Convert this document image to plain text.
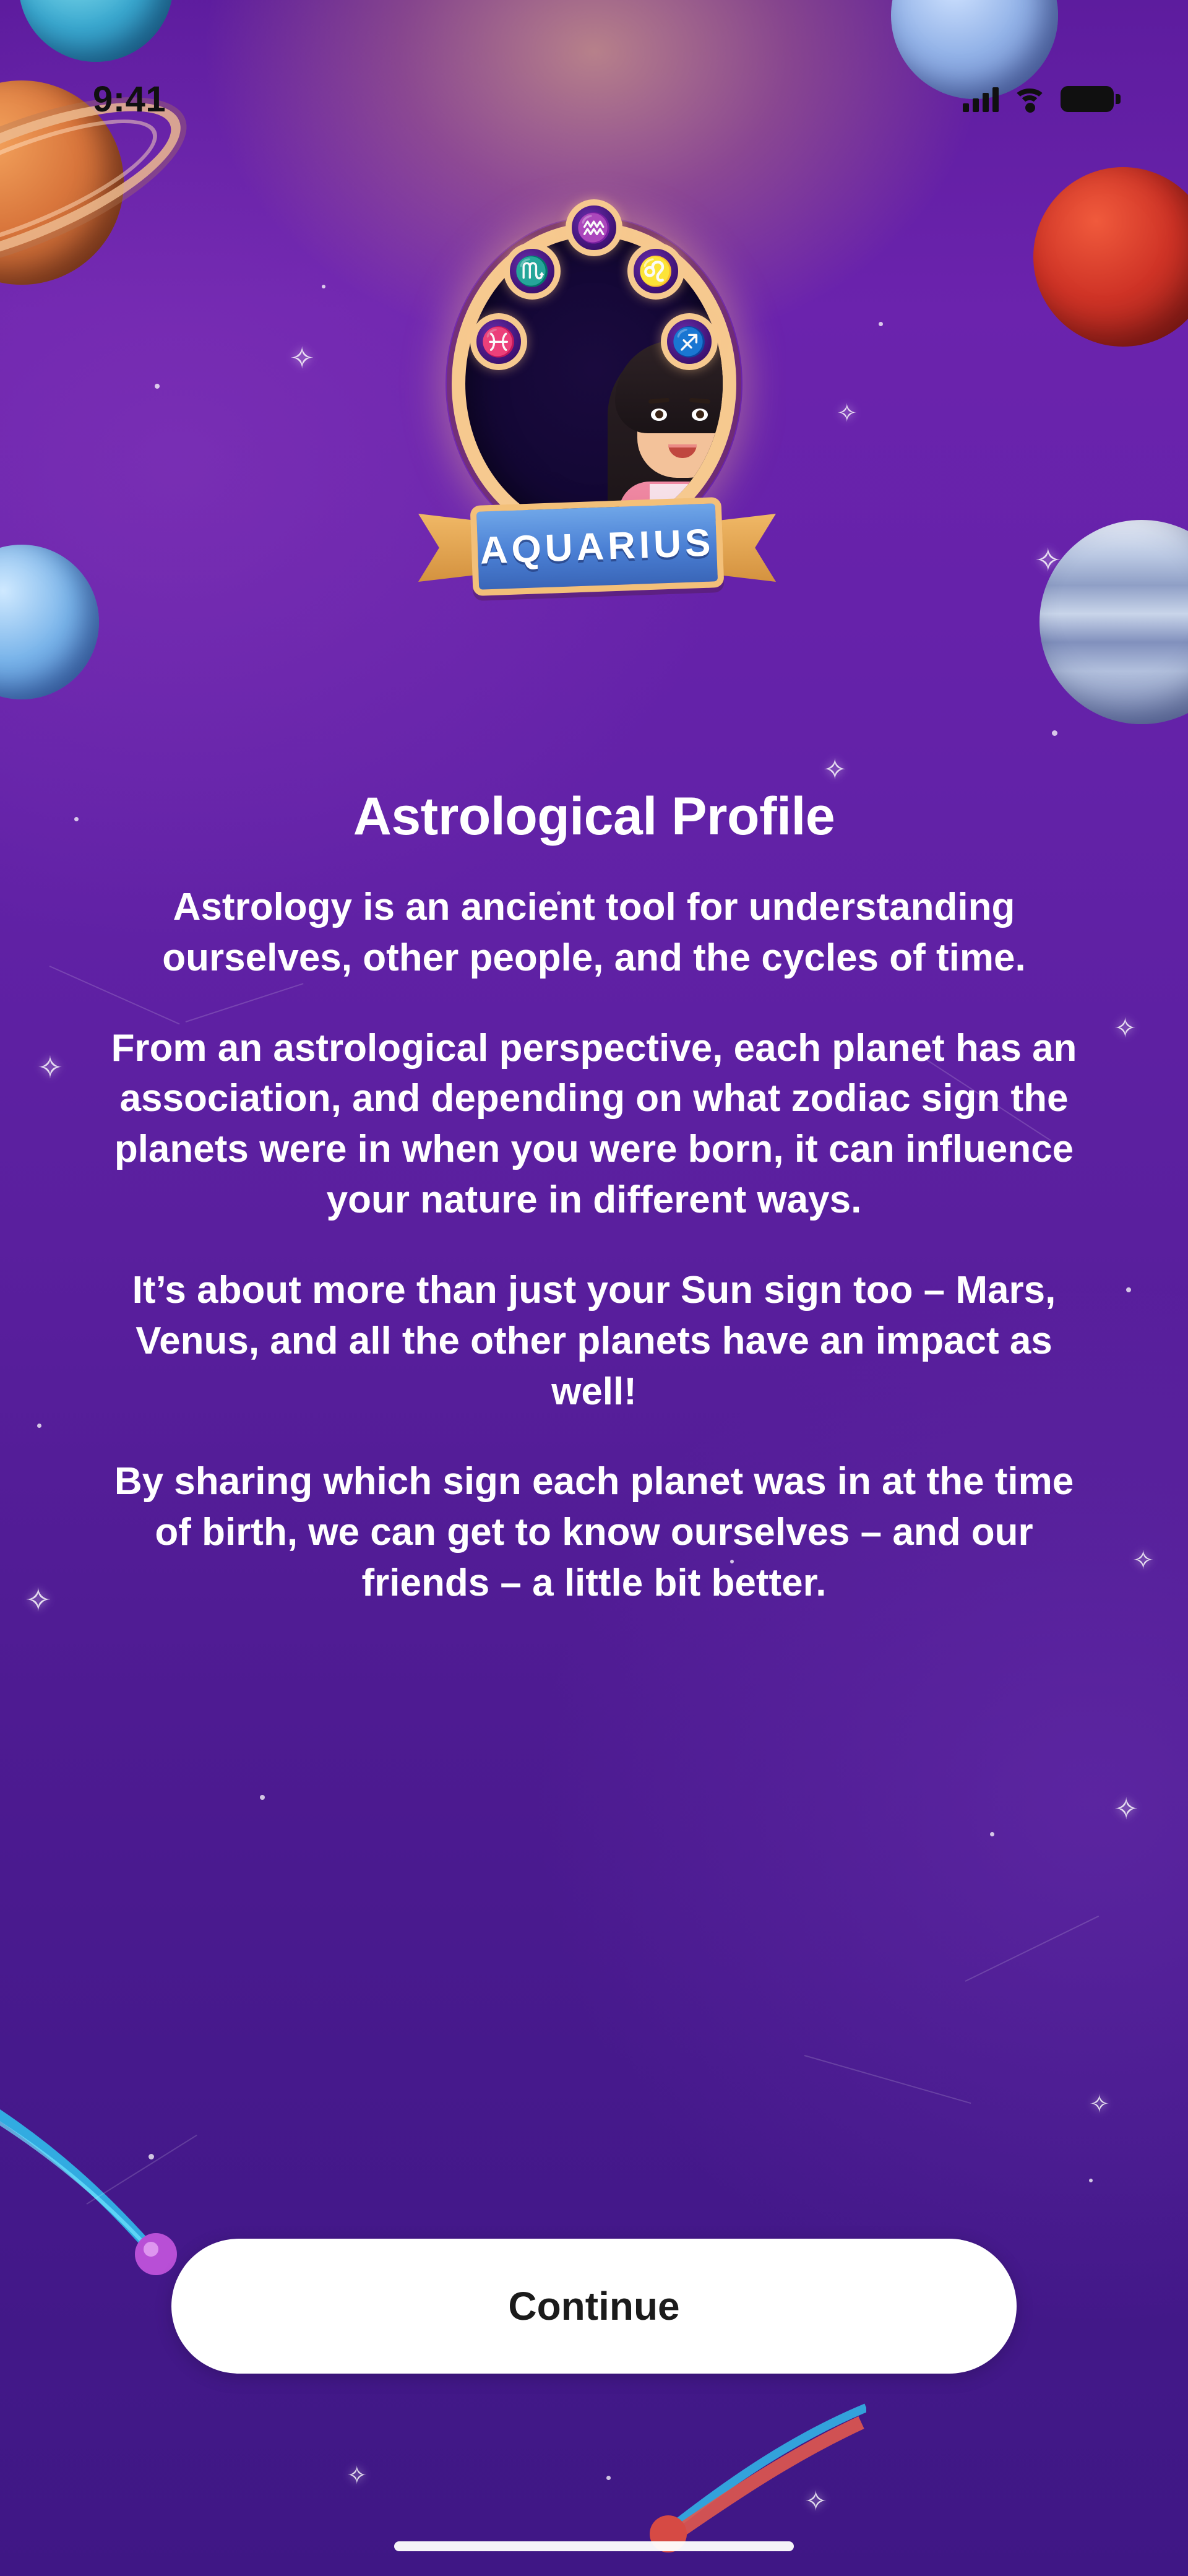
✧
✧
✧
✧
✧
✧
✧
✧
✧
✧
✧
✧
9:41
♒
♏	♌
♓	♐
AQUARIUS
Astrological Profile

Astrology is an ancient tool for understanding ourselves, other people, and the cycles of time.

From an astrological perspective, each planet has an association, and depending on what zodiac sign the planets were in when you were born, it can influence your nature in different ways.

It’s about more than just your Sun sign too – Mars, Venus, and all the other planets have an impact as well!

By sharing which sign each planet was in at the time of birth, we can get to know ourselves – and our friends – a little bit better.

Continue
